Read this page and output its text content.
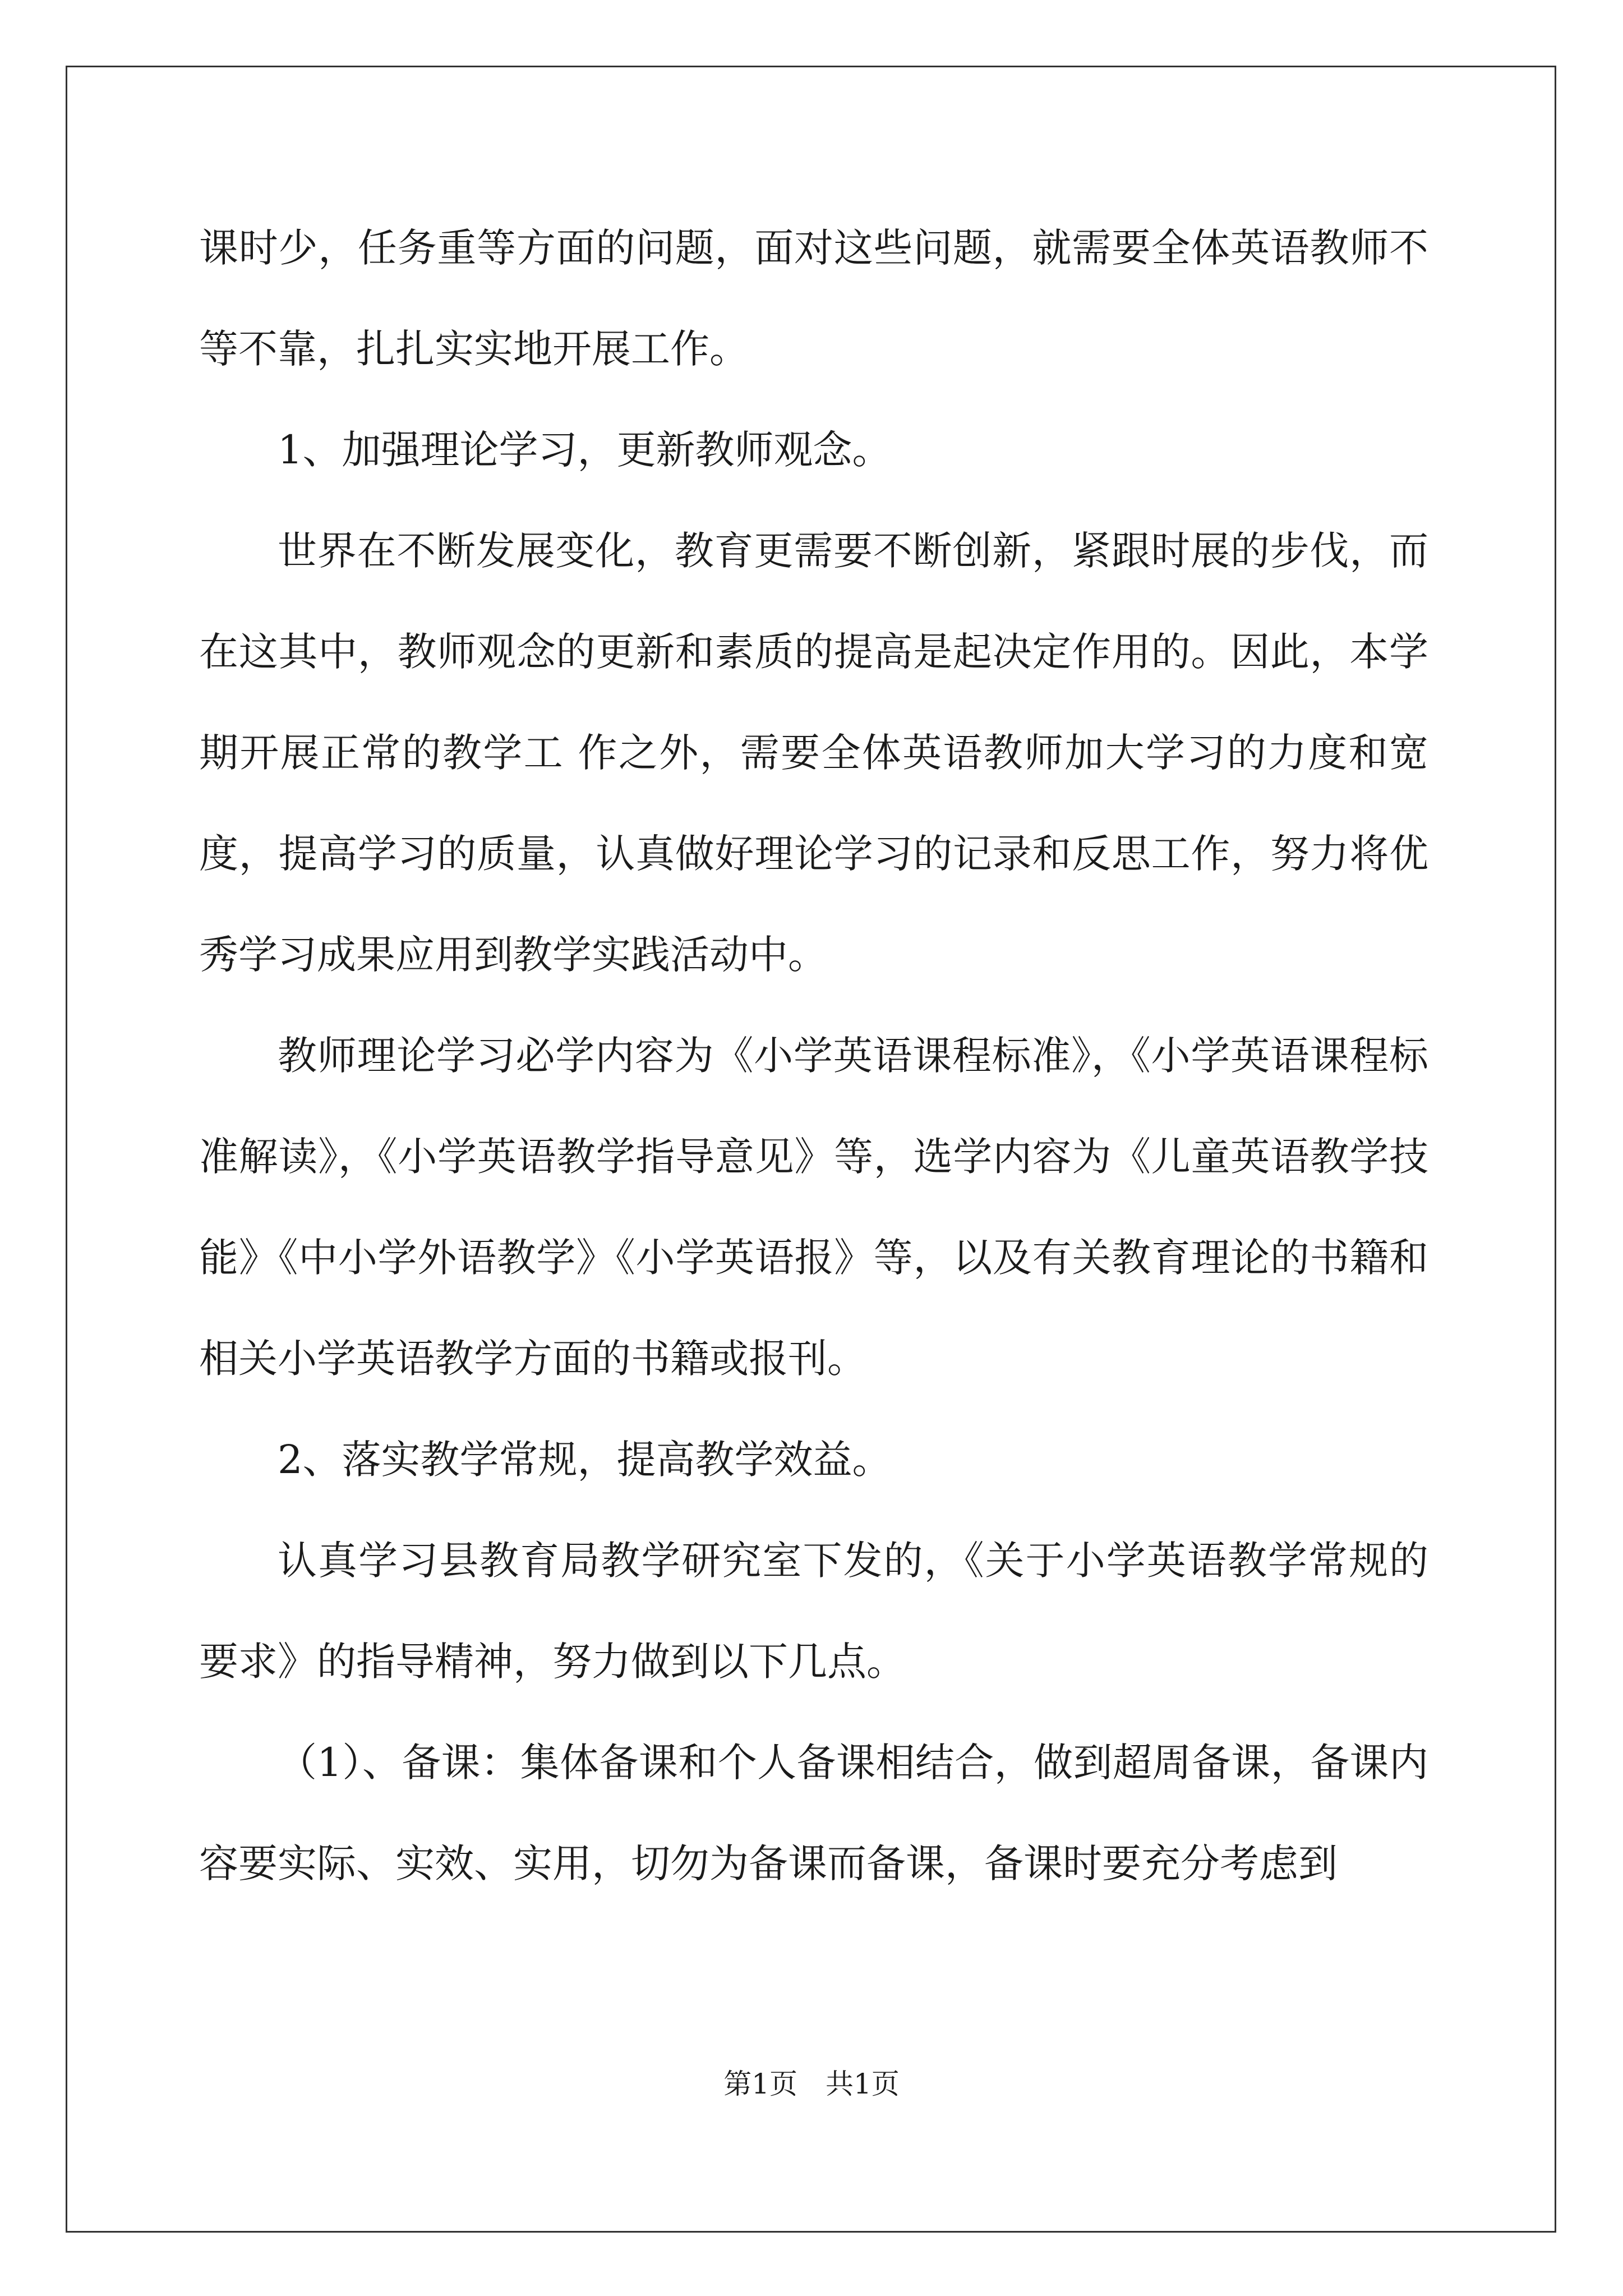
课时少，任务重等方面的问题，面对这些问题，就需要全体英语教师不等不靠，扎扎实实地开展工作。

1、加强理论学习，更新教师观念。

世界在不断发展变化，教育更需要不断创新，紧跟时展的步伐，而在这其中，教师观念的更新和素质的提高是起决定作用的。因此，本学期开展正常的教学工 作之外，需要全体英语教师加大学习的力度和宽度，提高学习的质量，认真做好理论学习的记录和反思工作，努力将优秀学习成果应用到教学实践活动中。

教师理论学习必学内容为《小学英语课程标准》，《小学英语课程标准解读》，《小学英语教学指导意见》等，选学内容为《儿童英语教学技能》《中小学外语教学》《小学英语报》等，以及有关教育理论的书籍和相关小学英语教学方面的书籍或报刊。

2、落实教学常规，提高教学效益。

认真学习县教育局教学研究室下发的，《关于小学英语教学常规的要求》的指导精神，努力做到以下几点。

（1）、备课：集体备课和个人备课相结合，做到超周备课，备课内容要实际、实效、实用，切勿为备课而备课，备课时要充分考虑到

第1页　共1页
